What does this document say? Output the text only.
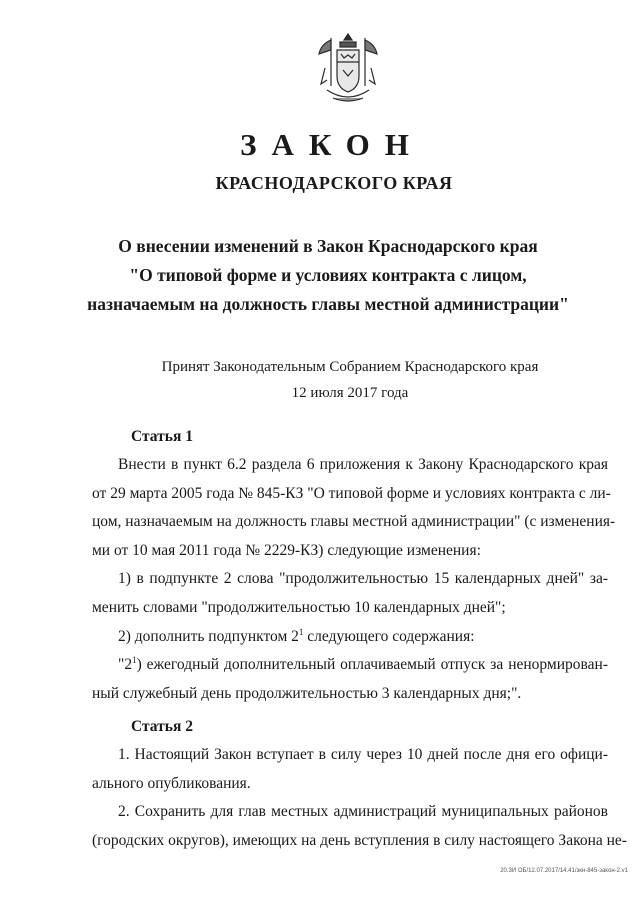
ЗАКОН
КРАСНОДАРСКОГО КРАЯ
О внесении изменений в Закон Краснодарского края
"О типовой форме и условиях контракта с лицом,
назначаемым на должность главы местной администрации"
Принят Законодательным Собранием Краснодарского края
12 июля 2017 года
Статья 1
Внести в пункт 6.2 раздела 6 приложения к Закону Краснодарского края
от 29 марта 2005 года № 845-КЗ "О типовой форме и условиях контракта с ли-
цом, назначаемым на должность главы местной администрации" (с изменения-
ми от 10 мая 2011 года № 2229-КЗ) следующие изменения:
1) в подпункте 2 слова "продолжительностью 15 календарных дней" за-
менить словами "продолжительностью 10 календарных дней";
2) дополнить подпунктом $2^1$ следующего содержания:
"$2^1$) ежегодный дополнительный оплачиваемый отпуск за ненормирован-
ный служебный день продолжительностью 3 календарных дня;".
Статья 2
1. Настоящий Закон вступает в силу через 10 дней после дня его офици-
ального опубликования.
2. Сохранить для глав местных администраций муниципальных районов
(городских округов), имеющих на день вступления в силу настоящего Закона не-
20.3И ОБ/12.07.2017/14.41/зкн-845-закон-2.v1
